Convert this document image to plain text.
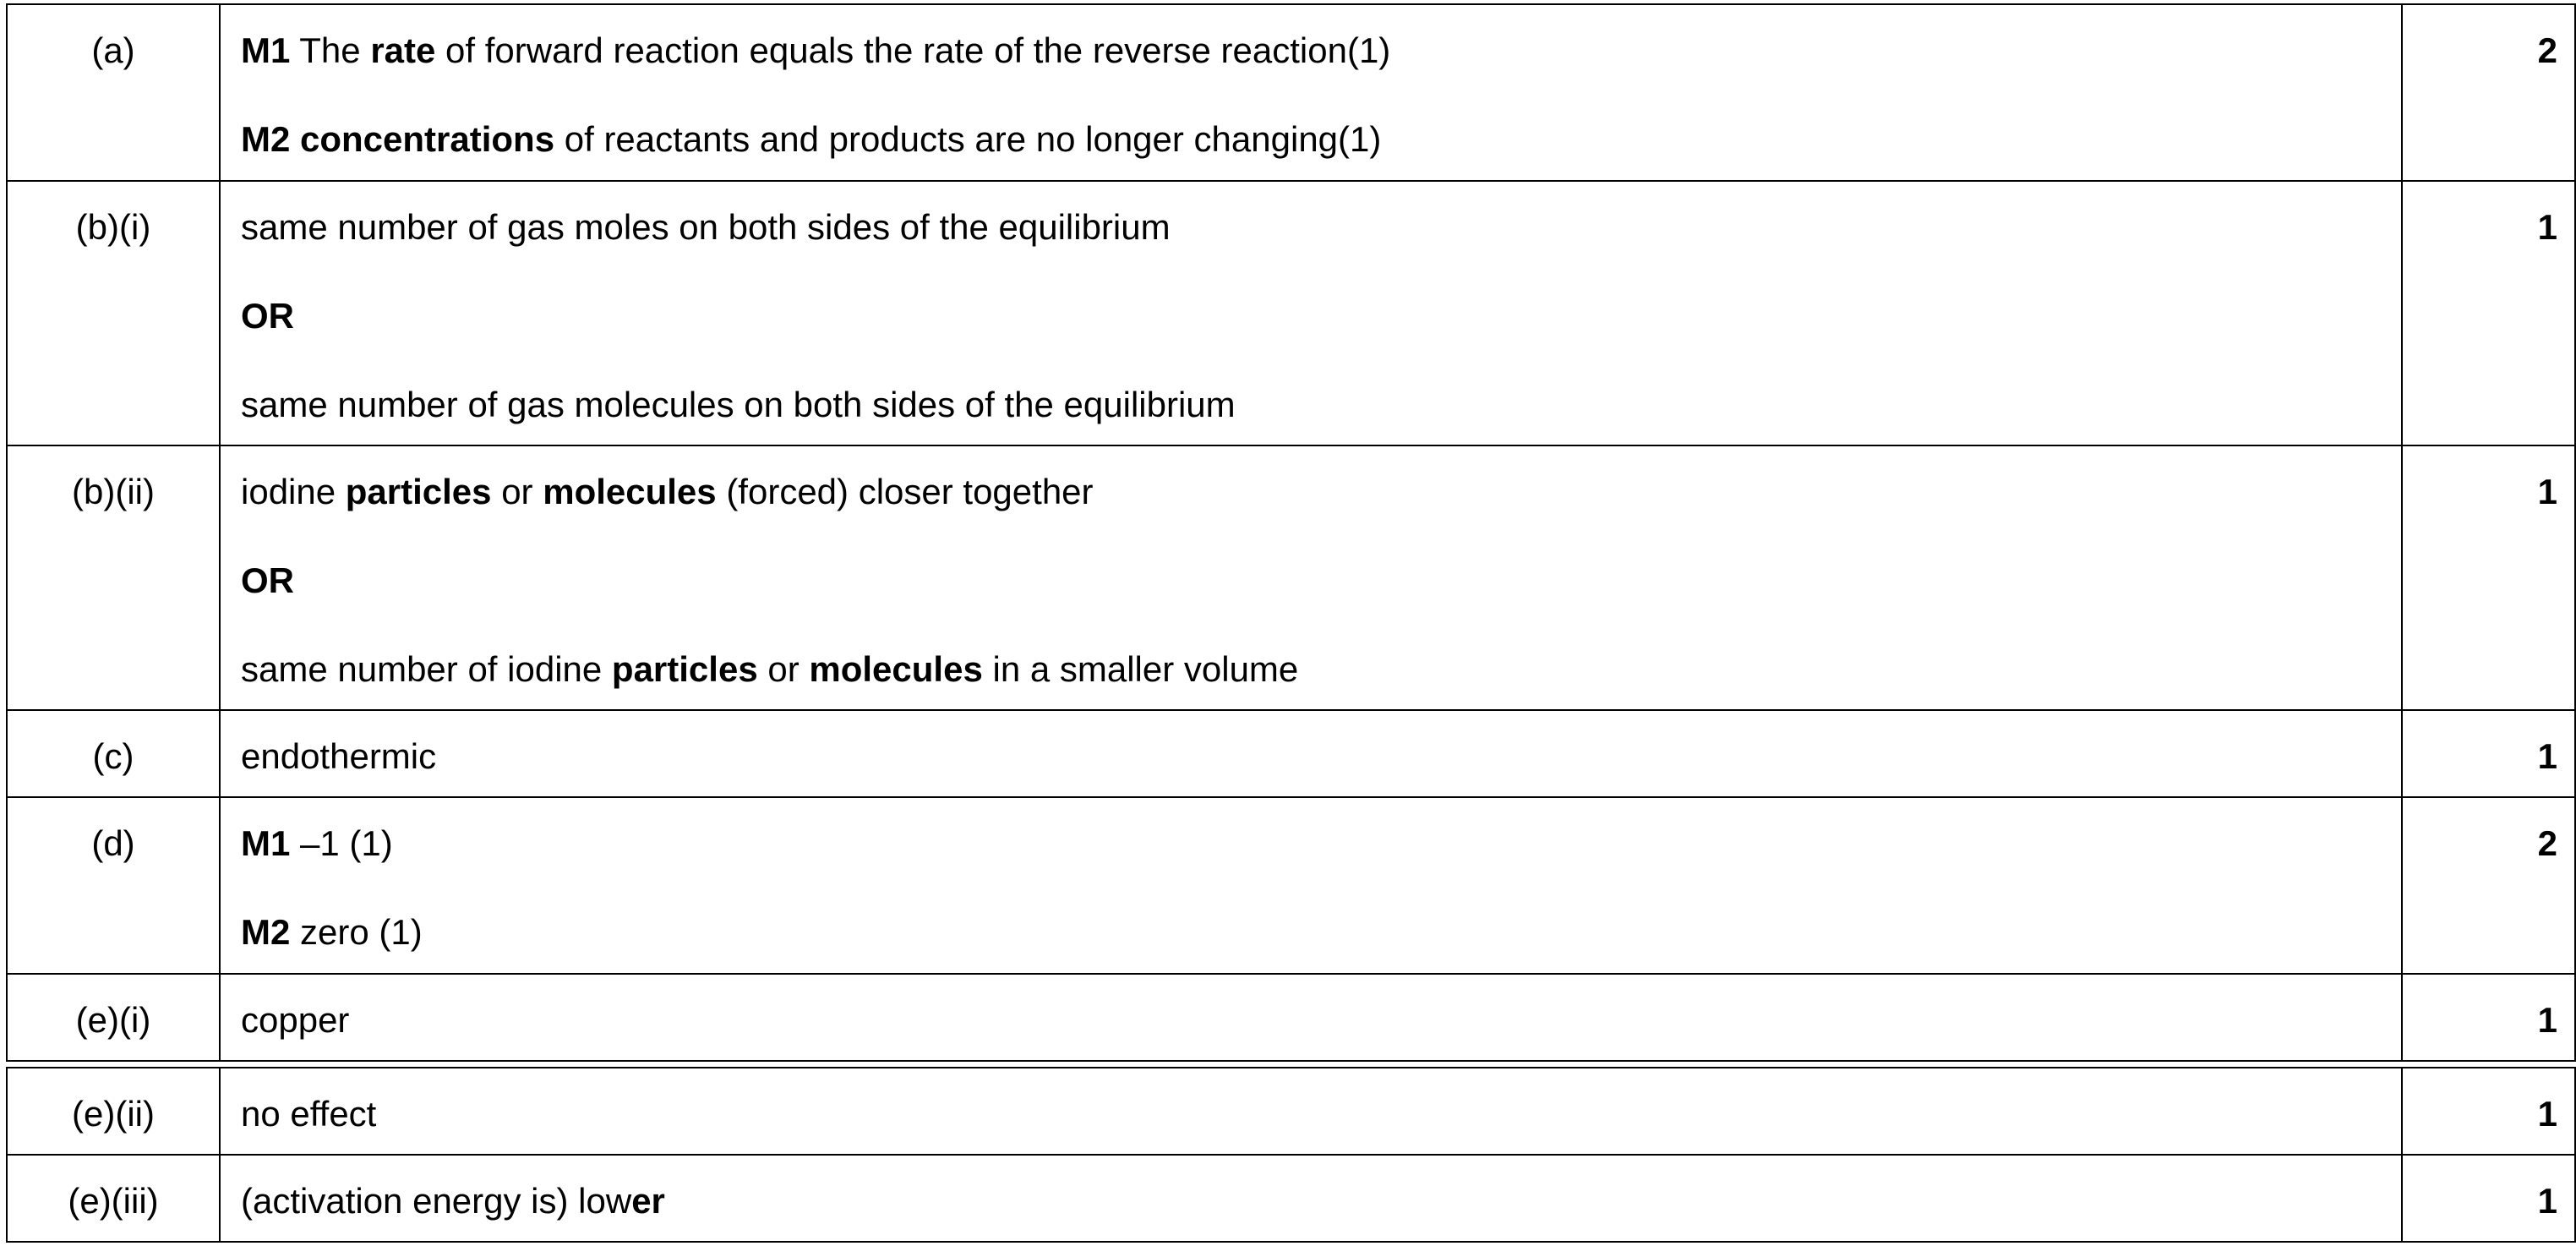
(a)	M1 The rate of forward reaction equals the rate of the reverse reaction(1)

M2 concentrations of reactants and products are no longer changing(1)	2
(b)(i)	same number of gas moles on both sides of the equilibrium

OR

same number of gas molecules on both sides of the equilibrium	1
(b)(ii)	iodine particles or molecules (forced) closer together

OR

same number of iodine particles or molecules in a smaller volume	1
(c)	endothermic	1
(d)	M1 –1 (1)

M2 zero (1)	2
(e)(i)	copper	1
(e)(ii)	no effect	1
(e)(iii)	(activation energy is) lower	1
